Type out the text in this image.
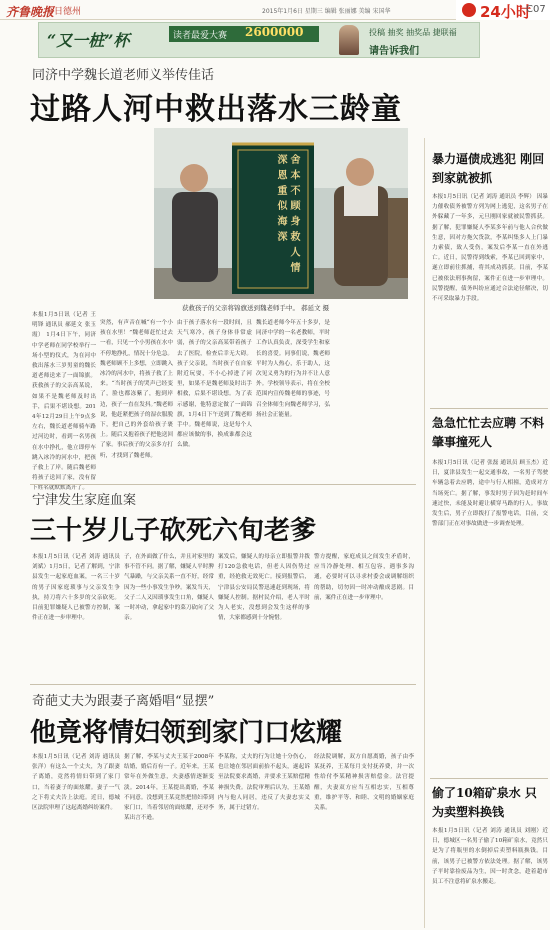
齐鲁晚报
今日德州	2015年1月6日 星期三 编辑 张丽娜 美编 宋国华	24小时
C07
“又一桩”杯	读者最爱大赛	2600000	投稿 抽奖 抽奖品 捷联福
请告诉我们
同济中学魏长道老师义举传佳话
过路人河中救出落水三龄童
舍 本 不 顾 身 救 人 情 深 恩 重 似 海 深
获救孩子的父亲将锦旗送到魏老师手中。 郝延文 摄
本报1月5日讯（记者 王明锋 通讯员 郝延文 张玉霞） 1月4日下午，同济中学老师在同学校举行一场小型的仪式，为在河中救出落水三岁男童的魏长道老师送来了一面锦旗。获救孩子的父亲高某说，如果不是魏老师及时出手，后果不堪设想。2014年12月29日上午9点多左右，魏长道老师骑车路过河边时，看到一名男孩在水中挣扎，他立即停车跳入冰冷的河水中，把孩子救上了岸。随后魏老师将孩子送回了家，没有留下姓名就默默离开了。
突然，有声音在喊“有一个小孩在水里！”魏老师赶忙过去一看，只见一个小男孩在水中不停地挣扎，情况十分危急。魏老师顾不上多想，立即跳入冰冷的河水中，将孩子救了上来。“当时孩子的哭声已经变了，脸也都冻紫了，抱到岸边，孩子一直在发抖。”魏老师说，他赶紧把孩子的湿衣服脱下，把自己的外套给孩子裹上。随后又抱着孩子把他送回了家。事后孩子的父亲多方打听，才找到了魏老师。
由于孩子落水有一段时间，且天气寒冷，孩子身体非常虚弱，孩子的父亲高某带着孩子去了医院，检查后幸无大碍。孩子父亲说，当时孩子在自家附近玩耍，不小心掉进了河里，如果不是魏老师及时出手相救，后果不堪设想。为了表示感谢，他特意定做了一面锦旗，1月4日下午送到了魏老师手中。魏老师说，这是每个人都应该做的事，换成谁都会这么做。
魏长道老师今年五十多岁，是同济中学的一名老教师，平时工作认真负责，深受学生和家长的喜爱。同事们说，魏老师平时为人热心，乐于助人，这次见义勇为的行为并不让人意外。学校领导表示，将在全校范围内宣传魏老师的事迹，号召全体师生向魏老师学习，弘扬社会正能量。
宁津发生家庭血案
三十岁儿子砍死六旬老爹
本报1月5日讯（记者 刘涛 通讯员 刘斌）1月5日，记者了解到，宁津县发生一起家庭血案，一名三十岁的男子因家庭琐事与父亲发生争执，持刀将六十多岁的父亲砍死。目前犯罪嫌疑人已被警方控制，案件正在进一步审理中。
子，在外面做了什么，并且对家里的事不管不问。据了解，嫌疑人平时脾气暴躁，与父亲关系一直不好，经常因为一些小事发生争吵。案发当天，父子二人又因琐事发生口角，嫌疑人一时冲动，拿起家中的菜刀砍向了父亲。
案发后，嫌疑人的母亲立即报警并拨打120急救电话，但老人因伤势过重，经抢救无效死亡。接到报警后，宁津县公安局民警迅速赶到现场，将嫌疑人控制。据村民介绍，老人平时为人老实，没想到会发生这样的事情，大家都感到十分惋惜。
警方提醒，家庭成员之间发生矛盾时，应当冷静处理、相互包容，遇事多沟通，必要时可以寻求村委会或调解组织的帮助，切勿因一时冲动酿成悲剧。目前，案件正在进一步审理中。
奇葩丈夫为跟妻子离婚唱“显摆”
他竟将情妇领到家门口炫耀
本报1月5日讯（记者 刘涛 通讯员 张洋）有这么一个丈夫，为了跟妻子离婚，竟然将情妇带到了家门口，当着妻子的面炫耀。妻子一气之下将丈夫告上法庭。近日，德城区法院审理了这起离婚纠纷案件。
据了解，李某与丈夫王某于2008年结婚，婚后育有一子。近年来，王某常年在外做生意，夫妻感情逐渐变淡。2014年，王某提出离婚，李某不同意。没想到王某竟然把情妇带到家门口，当着邻居的面炫耀，还对李某出言不逊。
李某称，丈夫的行为让她十分伤心，也让她在邻居面前抬不起头，遂起诉至法院要求离婚，并要求王某赔偿精神损失费。法院审理后认为，王某婚内与他人同居，违反了夫妻忠实义务，属于过错方。
经法院调解，双方自愿离婚，孩子由李某抚养，王某每月支付抚养费，并一次性给付李某精神损害赔偿金。法官提醒，夫妻双方应当互相忠实，互相尊重，维护平等、和睦、文明的婚姻家庭关系。
暴力逼债成逃犯 刚回到家就被抓
本报1月5日讯（记者 刘涛 通讯员 李辉） 因暴力催收债务被警方列为网上逃犯，这名男子在外躲藏了一年多，元旦刚回家就被民警抓获。据了解，犯罪嫌疑人李某多年前与他人合伙做生意，因对方拖欠货款，李某纠集多人上门暴力索债，致人受伤，案发后李某一直在外逃亡。近日，民警得到线索，李某已回到家中，遂立即前往抓捕，将其成功抓获。目前，李某已被依法刑事拘留，案件正在进一步审理中。民警提醒，债务纠纷应通过合法途径解决，切不可采取暴力手段。
急急忙忙去应聘 不料肇事撞死人
本报1月5日讯（记者 张磊 通讯员 顾玉杰）近日，夏津县发生一起交通事故，一名男子驾驶车辆急着去应聘，途中与行人相撞，造成对方当场死亡。据了解，事发时男子因为赶时间车速过快，未能及时避让横穿马路的行人。事故发生后，男子立即拨打了报警电话，目前，交警部门正在对事故做进一步调查处理。
偷了10箱矿泉水 只为卖塑料换钱
本报1月5日讯（记者 刘涛 通讯员 刘刚）近日，德城区一名男子偷了10箱矿泉水，竟然只是为了将瓶里的水倒掉后卖塑料瓶换钱。目前，该男子已被警方依法处理。据了解，该男子平时靠捡废品为生，因一时贪念，趁着超市员工不注意将矿泉水搬走。
